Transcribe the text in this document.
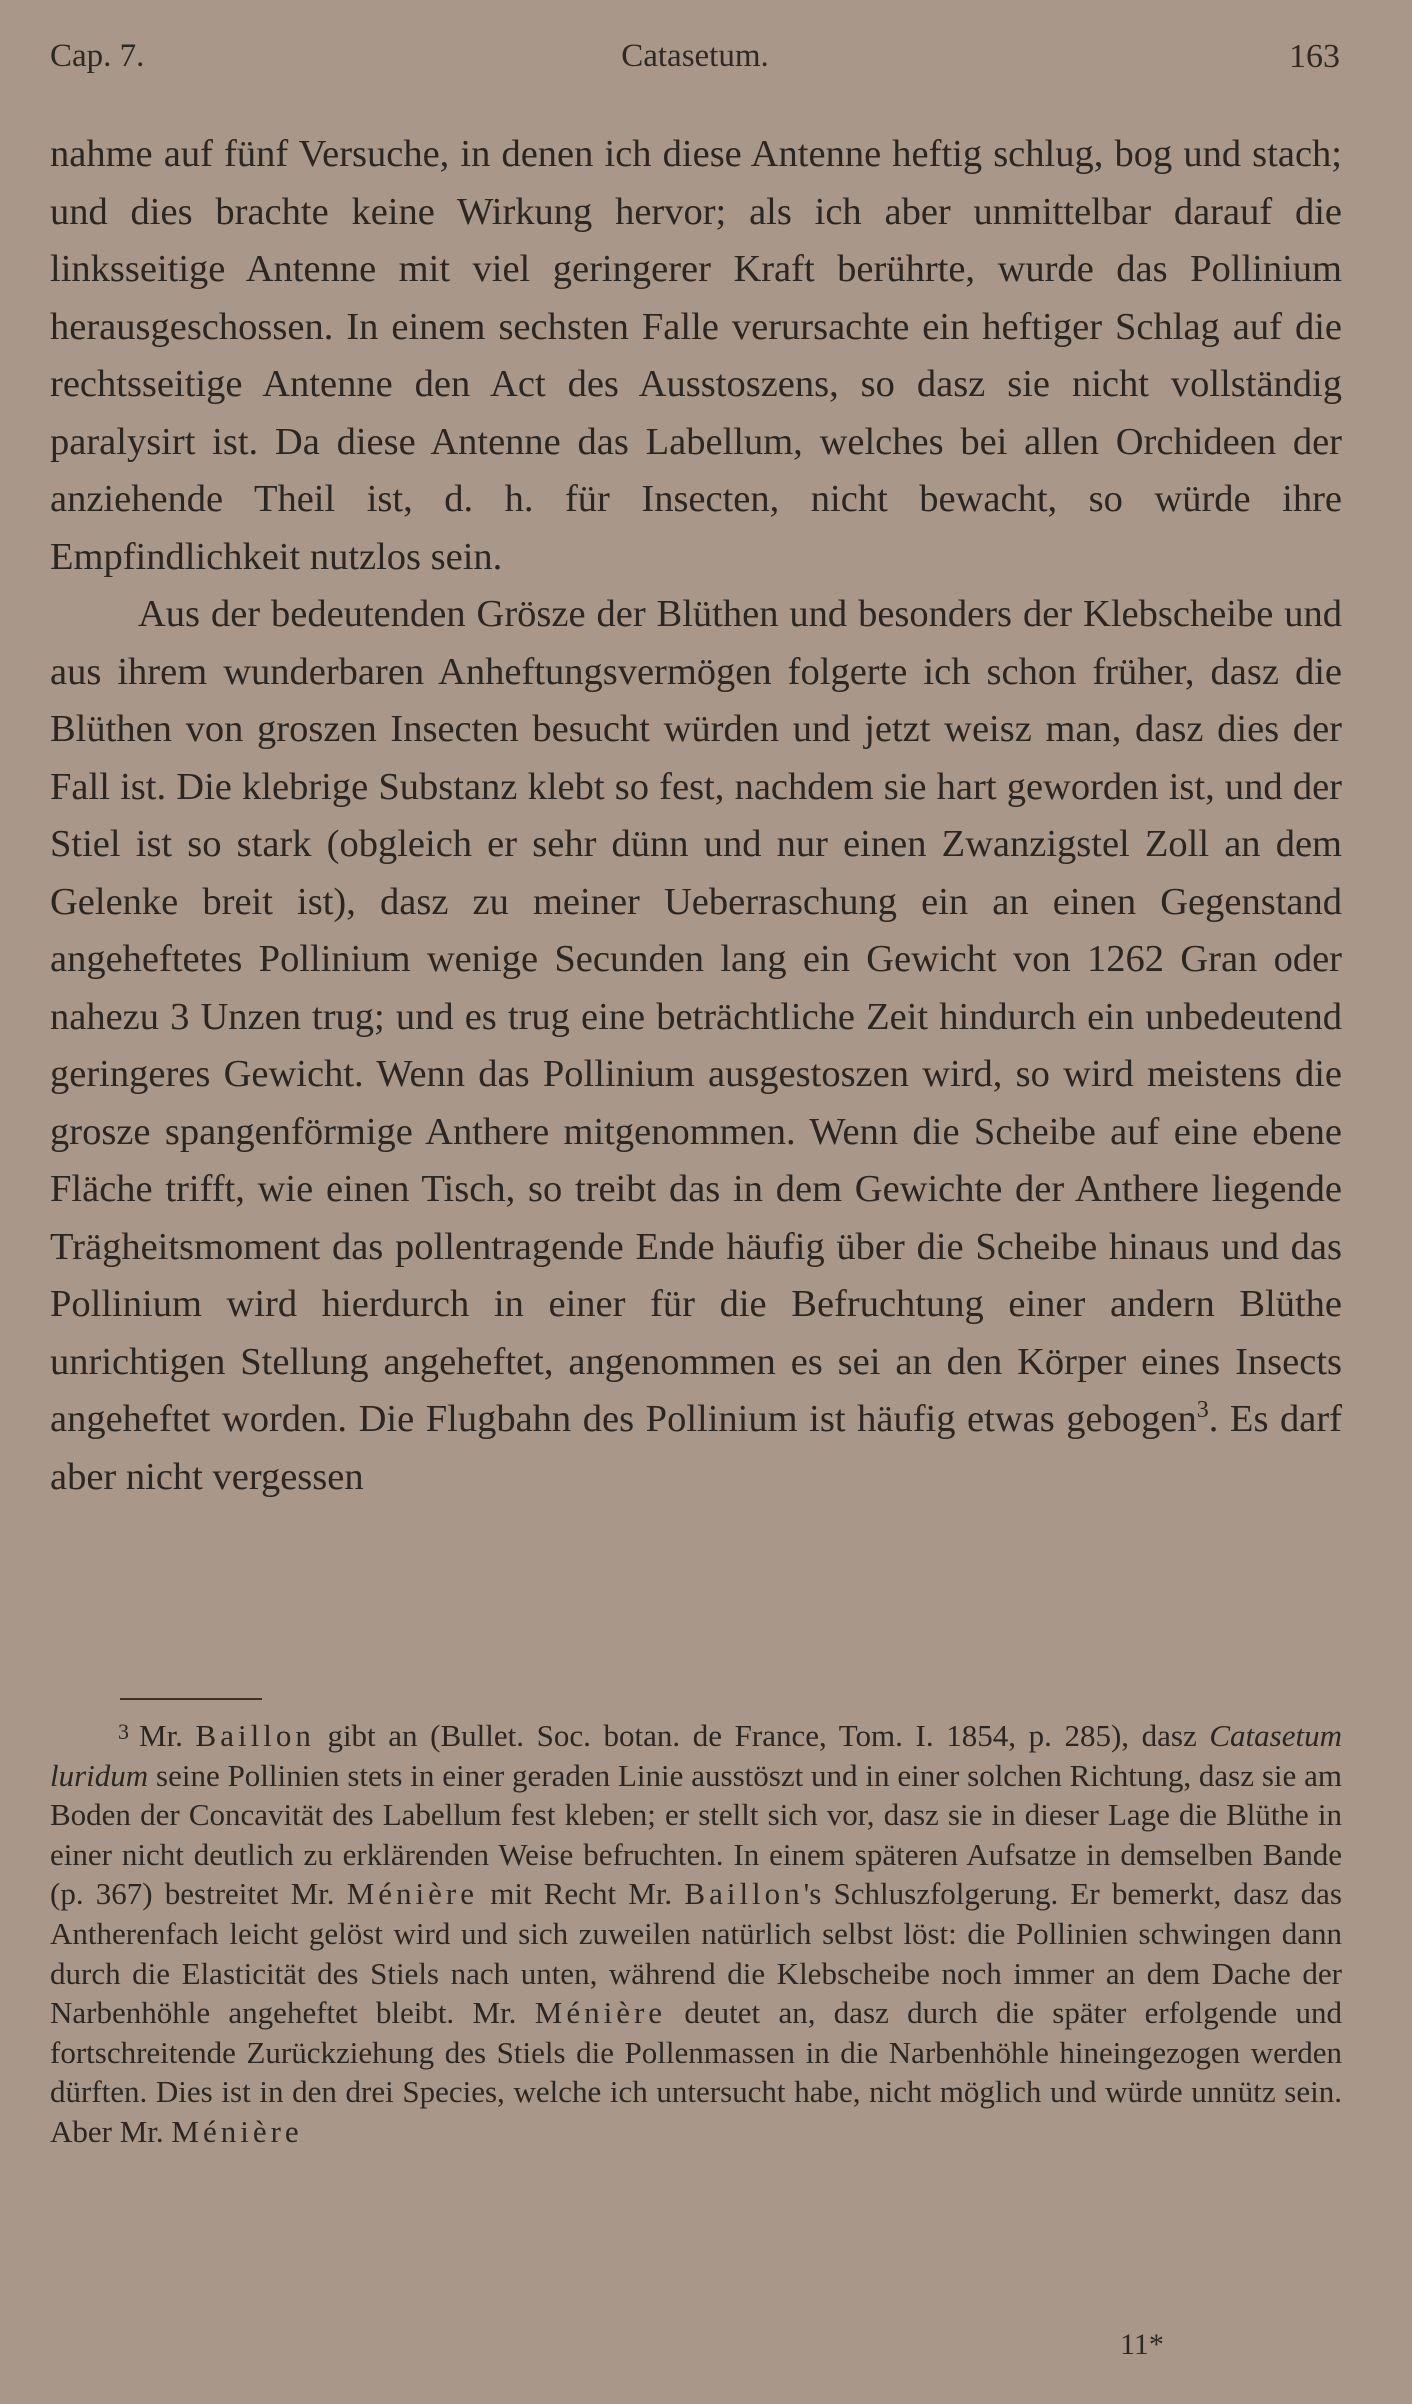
Cap. 7.	Catasetum.	163

nahme auf fünf Versuche, in denen ich diese Antenne heftig schlug, bog und stach; und dies brachte keine Wirkung hervor; als ich aber unmittelbar darauf die linksseitige Antenne mit viel geringerer Kraft berührte, wurde das Pollinium herausgeschossen. In einem sechsten Falle verursachte ein heftiger Schlag auf die rechtsseitige Antenne den Act des Ausstoszens, so dasz sie nicht vollständig paralysirt ist. Da diese Antenne das Labellum, welches bei allen Orchideen der anziehende Theil ist, d. h. für Insecten, nicht bewacht, so würde ihre Empfindlichkeit nutzlos sein.

Aus der bedeutenden Grösze der Blüthen und besonders der Klebscheibe und aus ihrem wunderbaren Anheftungsvermögen folgerte ich schon früher, dasz die Blüthen von groszen Insecten besucht würden und jetzt weisz man, dasz dies der Fall ist. Die klebrige Substanz klebt so fest, nachdem sie hart geworden ist, und der Stiel ist so stark (obgleich er sehr dünn und nur einen Zwanzigstel Zoll an dem Gelenke breit ist), dasz zu meiner Ueberraschung ein an einen Gegenstand angeheftetes Pollinium wenige Secunden lang ein Gewicht von 1262 Gran oder nahezu 3 Unzen trug; und es trug eine beträchtliche Zeit hindurch ein unbedeutend geringeres Gewicht. Wenn das Pollinium ausgestoszen wird, so wird meistens die grosze spangenförmige Anthere mitgenommen. Wenn die Scheibe auf eine ebene Fläche trifft, wie einen Tisch, so treibt das in dem Gewichte der Anthere liegende Trägheitsmoment das pollentragende Ende häufig über die Scheibe hinaus und das Pollinium wird hierdurch in einer für die Befruchtung einer andern Blüthe unrichtigen Stellung angeheftet, angenommen es sei an den Körper eines Insects angeheftet worden. Die Flugbahn des Pollinium ist häufig etwas gebogen$^3$. Es darf aber nicht vergessen

$^3$ Mr. Baillon gibt an (Bullet. Soc. botan. de France, Tom. I. 1854, p. 285), dasz Catasetum luridum seine Pollinien stets in einer geraden Linie ausstöszt und in einer solchen Richtung, dasz sie am Boden der Concavität des Labellum fest kleben; er stellt sich vor, dasz sie in dieser Lage die Blüthe in einer nicht deutlich zu erklärenden Weise befruchten. In einem späteren Aufsatze in demselben Bande (p. 367) bestreitet Mr. Ménière mit Recht Mr. Baillon's Schluszfolgerung. Er bemerkt, dasz das Antherenfach leicht gelöst wird und sich zuweilen natürlich selbst löst: die Pollinien schwingen dann durch die Elasticität des Stiels nach unten, während die Klebscheibe noch immer an dem Dache der Narbenhöhle angeheftet bleibt. Mr. Ménière deutet an, dasz durch die später erfolgende und fortschreitende Zurückziehung des Stiels die Pollenmassen in die Narbenhöhle hineingezogen werden dürften. Dies ist in den drei Species, welche ich untersucht habe, nicht möglich und würde unnütz sein. Aber Mr. Ménière

11*
